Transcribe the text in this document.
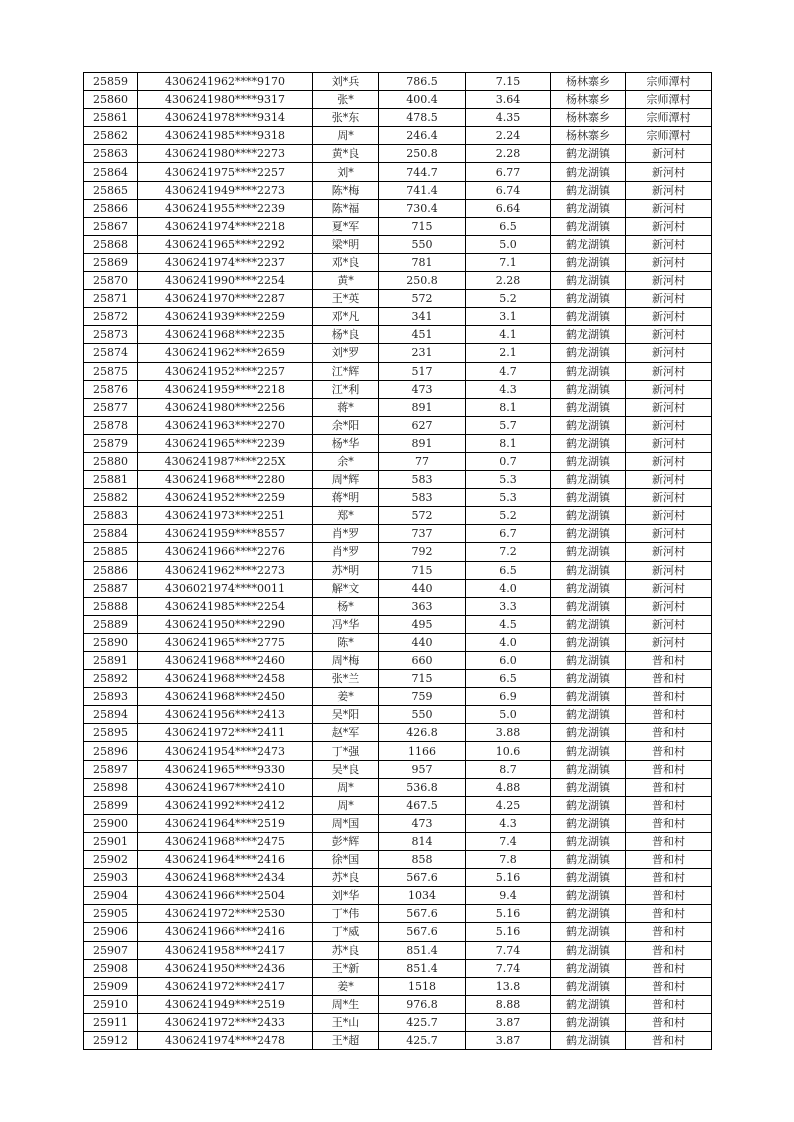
25859	4306241962****9170	刘*兵	786.5	7.15	杨林寨乡	宗师潭村
25860	4306241980****9317	张*	400.4	3.64	杨林寨乡	宗师潭村
25861	4306241978****9314	张*东	478.5	4.35	杨林寨乡	宗师潭村
25862	4306241985****9318	周*	246.4	2.24	杨林寨乡	宗师潭村
25863	4306241980****2273	黄*良	250.8	2.28	鹤龙湖镇	新河村
25864	4306241975****2257	刘*	744.7	6.77	鹤龙湖镇	新河村
25865	4306241949****2273	陈*梅	741.4	6.74	鹤龙湖镇	新河村
25866	4306241955****2239	陈*福	730.4	6.64	鹤龙湖镇	新河村
25867	4306241974****2218	夏*军	715	6.5	鹤龙湖镇	新河村
25868	4306241965****2292	梁*明	550	5.0	鹤龙湖镇	新河村
25869	4306241974****2237	邓*良	781	7.1	鹤龙湖镇	新河村
25870	4306241990****2254	黄*	250.8	2.28	鹤龙湖镇	新河村
25871	4306241970****2287	王*英	572	5.2	鹤龙湖镇	新河村
25872	4306241939****2259	邓*凡	341	3.1	鹤龙湖镇	新河村
25873	4306241968****2235	杨*良	451	4.1	鹤龙湖镇	新河村
25874	4306241962****2659	刘*罗	231	2.1	鹤龙湖镇	新河村
25875	4306241952****2257	江*辉	517	4.7	鹤龙湖镇	新河村
25876	4306241959****2218	江*利	473	4.3	鹤龙湖镇	新河村
25877	4306241980****2256	蒋*	891	8.1	鹤龙湖镇	新河村
25878	4306241963****2270	余*阳	627	5.7	鹤龙湖镇	新河村
25879	4306241965****2239	杨*华	891	8.1	鹤龙湖镇	新河村
25880	4306241987****225X	余*	77	0.7	鹤龙湖镇	新河村
25881	4306241968****2280	周*辉	583	5.3	鹤龙湖镇	新河村
25882	4306241952****2259	蒋*明	583	5.3	鹤龙湖镇	新河村
25883	4306241973****2251	郑*	572	5.2	鹤龙湖镇	新河村
25884	4306241959****8557	肖*罗	737	6.7	鹤龙湖镇	新河村
25885	4306241966****2276	肖*罗	792	7.2	鹤龙湖镇	新河村
25886	4306241962****2273	苏*明	715	6.5	鹤龙湖镇	新河村
25887	4306021974****0011	解*文	440	4.0	鹤龙湖镇	新河村
25888	4306241985****2254	杨*	363	3.3	鹤龙湖镇	新河村
25889	4306241950****2290	冯*华	495	4.5	鹤龙湖镇	新河村
25890	4306241965****2775	陈*	440	4.0	鹤龙湖镇	新河村
25891	4306241968****2460	周*梅	660	6.0	鹤龙湖镇	普和村
25892	4306241968****2458	张*兰	715	6.5	鹤龙湖镇	普和村
25893	4306241968****2450	姜*	759	6.9	鹤龙湖镇	普和村
25894	4306241956****2413	吴*阳	550	5.0	鹤龙湖镇	普和村
25895	4306241972****2411	赵*军	426.8	3.88	鹤龙湖镇	普和村
25896	4306241954****2473	丁*强	1166	10.6	鹤龙湖镇	普和村
25897	4306241965****9330	吴*良	957	8.7	鹤龙湖镇	普和村
25898	4306241967****2410	周*	536.8	4.88	鹤龙湖镇	普和村
25899	4306241992****2412	周*	467.5	4.25	鹤龙湖镇	普和村
25900	4306241964****2519	周*国	473	4.3	鹤龙湖镇	普和村
25901	4306241968****2475	彭*辉	814	7.4	鹤龙湖镇	普和村
25902	4306241964****2416	徐*国	858	7.8	鹤龙湖镇	普和村
25903	4306241968****2434	苏*良	567.6	5.16	鹤龙湖镇	普和村
25904	4306241966****2504	刘*华	1034	9.4	鹤龙湖镇	普和村
25905	4306241972****2530	丁*伟	567.6	5.16	鹤龙湖镇	普和村
25906	4306241966****2416	丁*威	567.6	5.16	鹤龙湖镇	普和村
25907	4306241958****2417	苏*良	851.4	7.74	鹤龙湖镇	普和村
25908	4306241950****2436	王*新	851.4	7.74	鹤龙湖镇	普和村
25909	4306241972****2417	姜*	1518	13.8	鹤龙湖镇	普和村
25910	4306241949****2519	周*生	976.8	8.88	鹤龙湖镇	普和村
25911	4306241972****2433	王*山	425.7	3.87	鹤龙湖镇	普和村
25912	4306241974****2478	王*超	425.7	3.87	鹤龙湖镇	普和村
